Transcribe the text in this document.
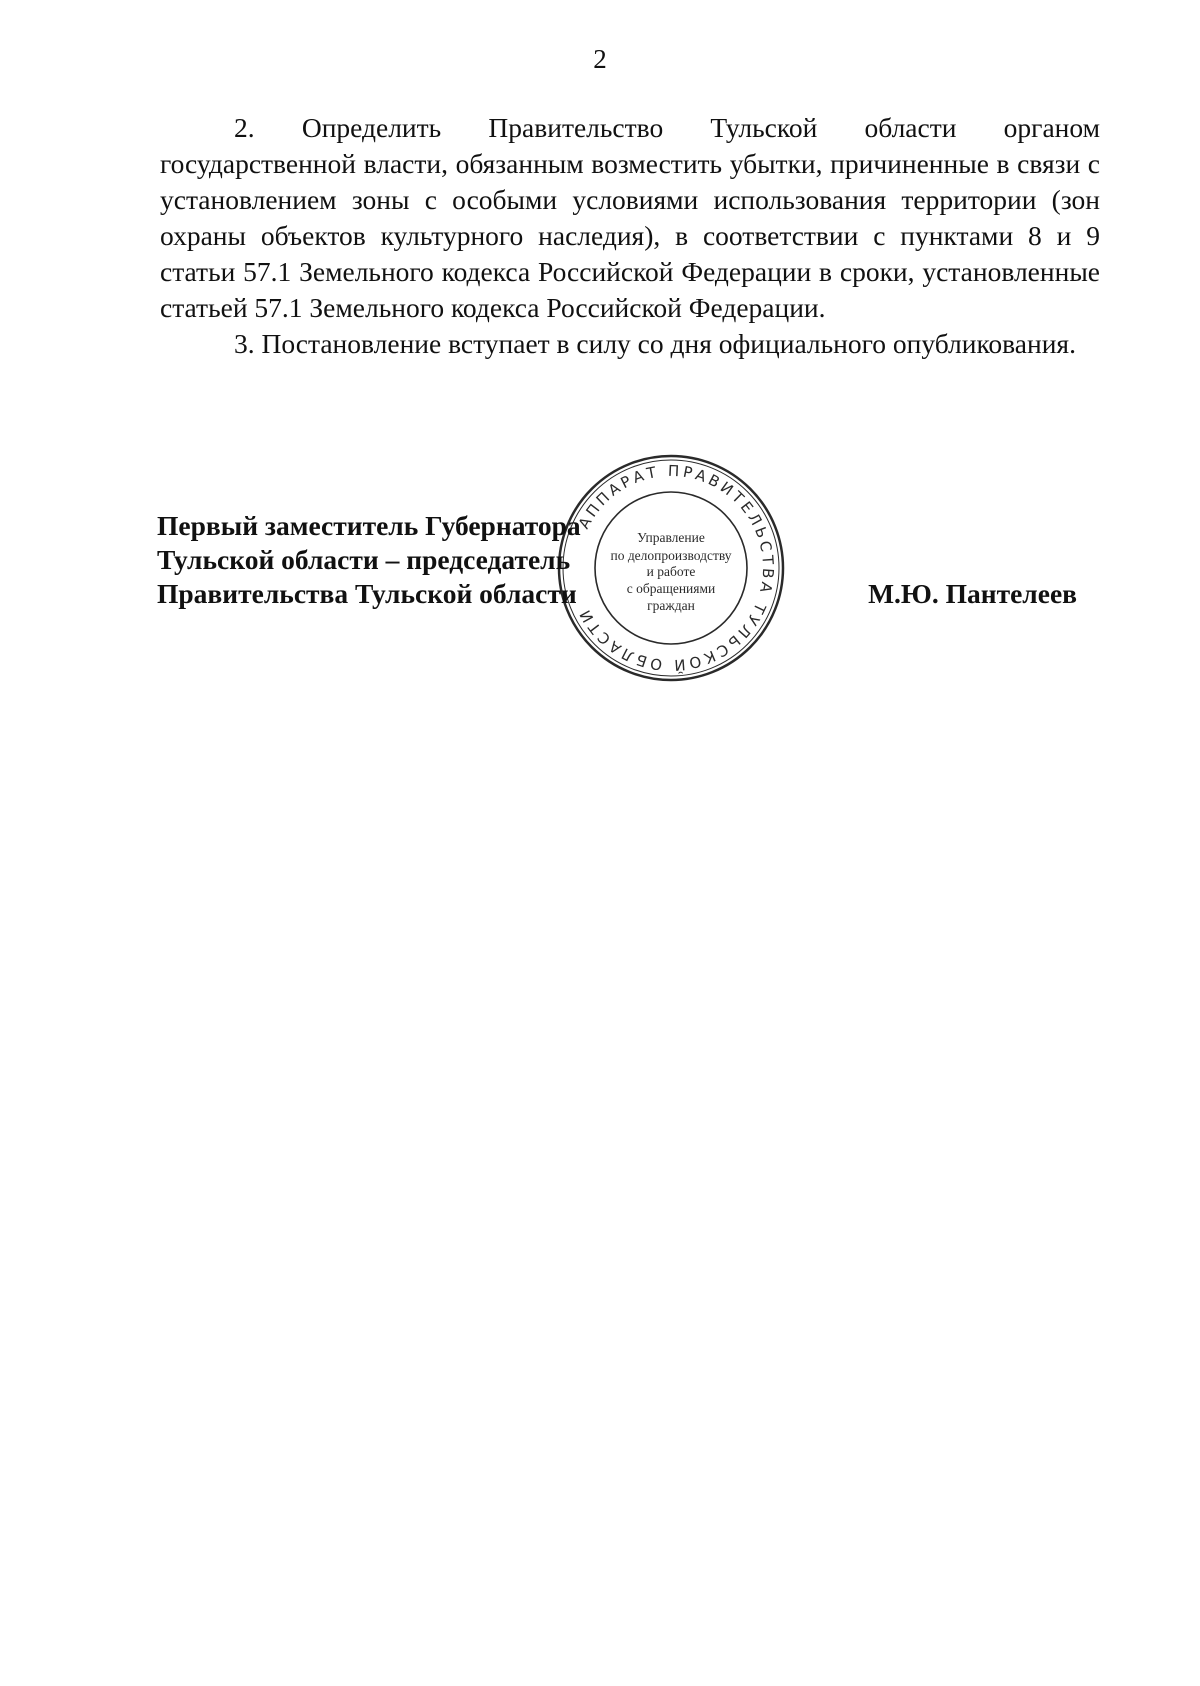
2

2. Определить Правительство Тульской области органом государственной власти, обязанным возместить убытки, причиненные в связи с установлением зоны с особыми условиями использования территории (зон охраны объектов культурного наследия), в соответствии с пунктами 8 и 9 статьи 57.1 Земельного кодекса Российской Федерации в сроки, установленные статьей 57.1 Земельного кодекса Российской Федерации.

3. Постановление вступает в силу со дня официального опубликования.

АППАРАТ ПРАВИТЕЛЬСТВА ТУЛЬСКОЙ ОБЛАСТИ
Управление
по делопроизводству
и работе
с обращениями
граждан
Первый заместитель Губернатора
Тульской области – председатель
Правительства Тульской области	М.Ю. Пантелеев
